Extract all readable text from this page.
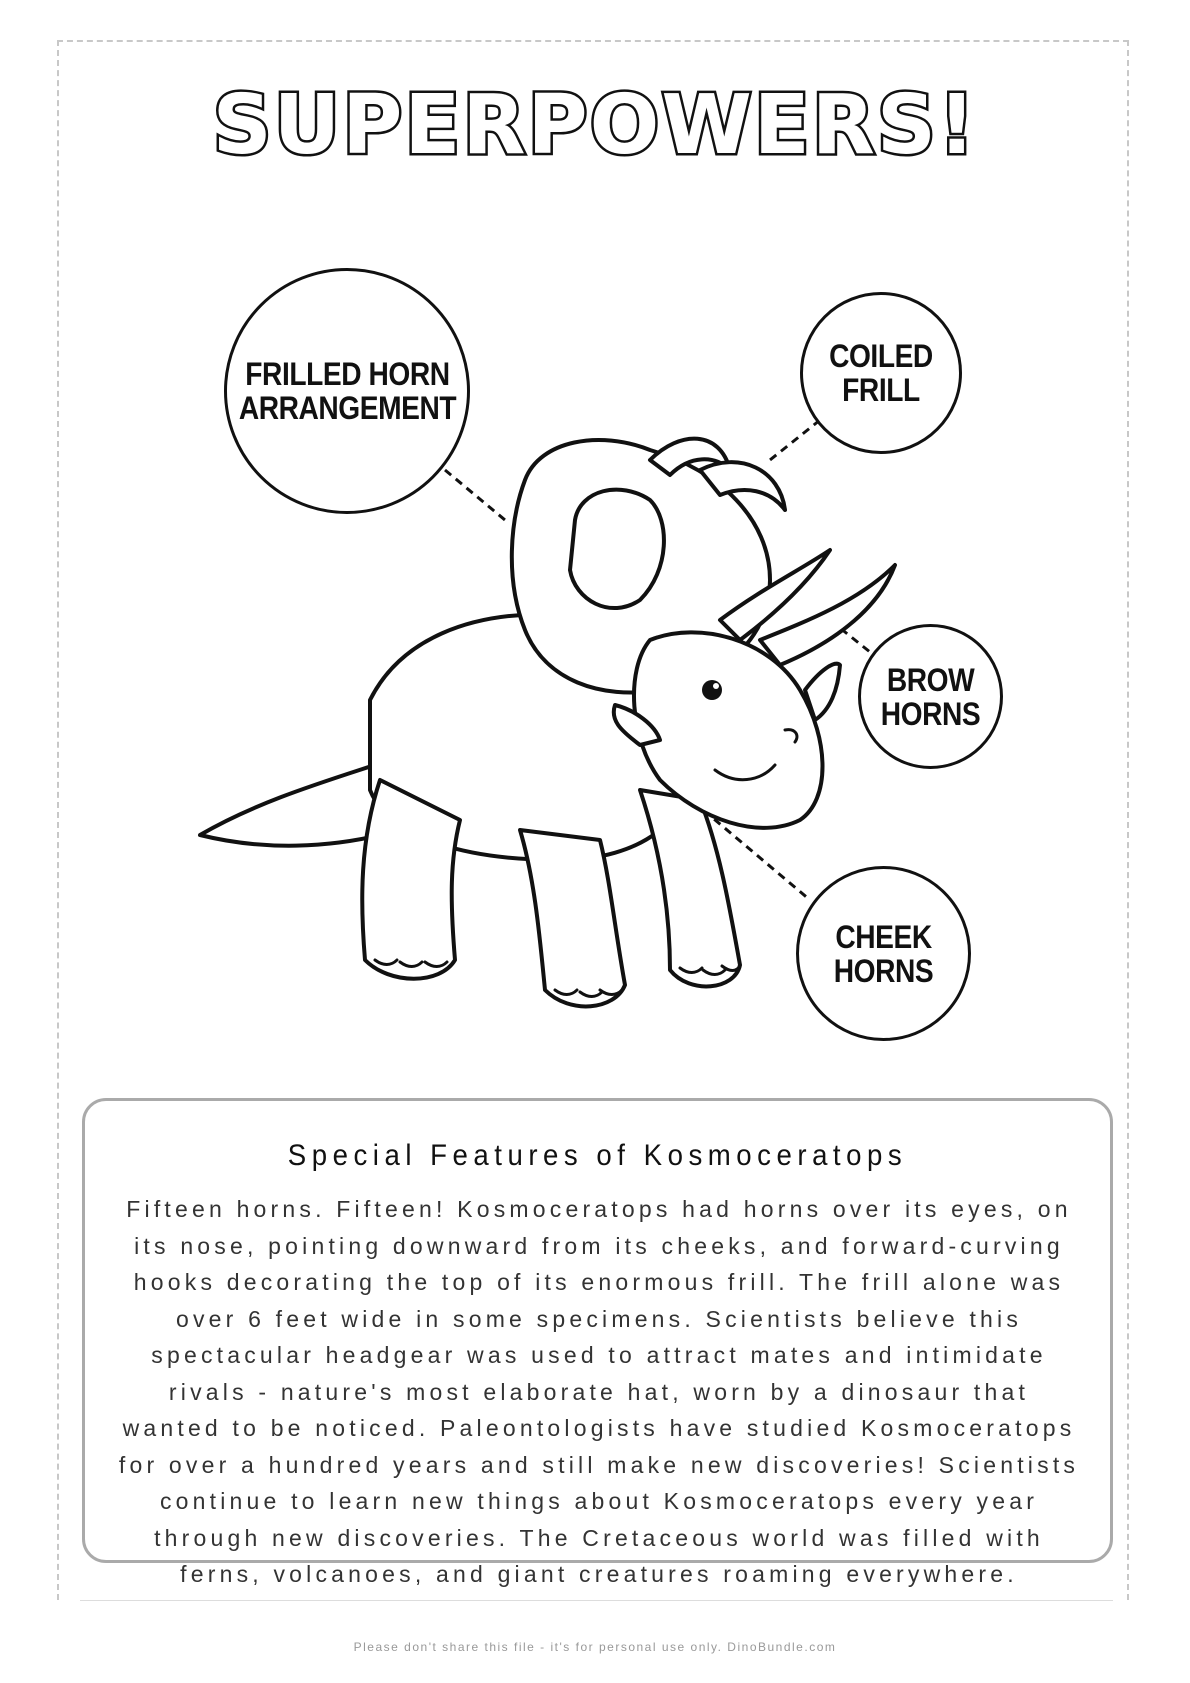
SUPERPOWERS!
FRILLED HORN
ARRANGEMENT
COILED
FRILL
BROW
HORNS
CHEEK
HORNS
Special Features of Kosmoceratops
Fifteen horns. Fifteen! Kosmoceratops had horns over its eyes, on its nose, pointing downward from its cheeks, and forward-curving hooks decorating the top of its enormous frill. The frill alone was over 6 feet wide in some specimens. Scientists believe this spectacular headgear was used to attract mates and intimidate rivals - nature's most elaborate hat, worn by a dinosaur that wanted to be noticed. Paleontologists have studied Kosmoceratops for over a hundred years and still make new discoveries! Scientists continue to learn new things about Kosmoceratops every year through new discoveries. The Cretaceous world was filled with ferns, volcanoes, and giant creatures roaming everywhere.
Please don't share this file - it's for personal use only. DinoBundle.com
